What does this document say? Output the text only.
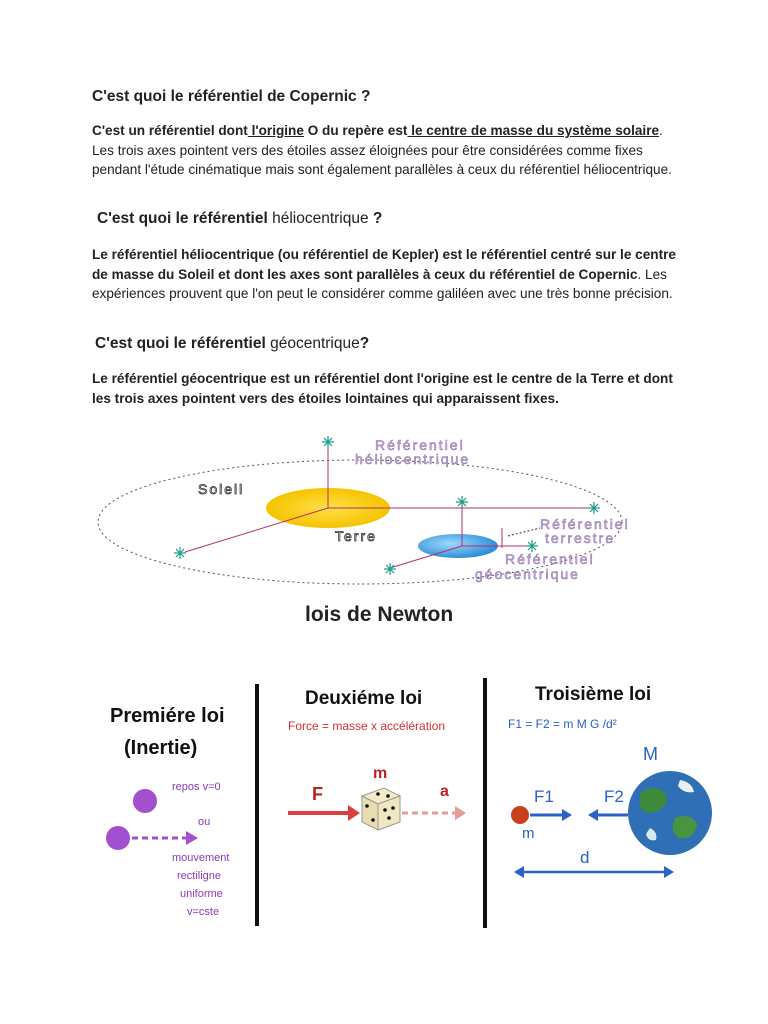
C'est quoi le référentiel de Copernic ?

C'est un référentiel dont l'origine O du repère est le centre de masse du système solaire. Les trois axes pointent vers des étoiles assez éloignées pour être considérées comme fixes pendant l'étude cinématique mais sont également parallèles à ceux du référentiel héliocentrique.

C'est quoi le référentiel héliocentrique ?

Le référentiel héliocentrique (ou référentiel de Kepler) est le référentiel centré sur le centre de masse du Soleil et dont les axes sont parallèles à ceux du référentiel de Copernic. Les expériences prouvent que l'on peut le considérer comme galiléen avec une très bonne précision.

C'est quoi le référentiel géocentrique?

Le référentiel géocentrique est un référentiel dont l'origine est le centre de la Terre et dont les trois axes pointent vers des étoiles lointaines qui apparaissent fixes.

Référentiel
héliocentrique
Référentiel
terrestre
Référentiel
géocentrique
Soleil
Terre
lois de Newton
Premiére loi
(Inertie)
repos v=0
ou
mouvement
rectiligne
uniforme
v=cste
Deuxiéme loi
Force = masse x accélération
m
F	a
Troisième loi
F1 = F2 = m M G /d²
M
F1	F2
m
d
